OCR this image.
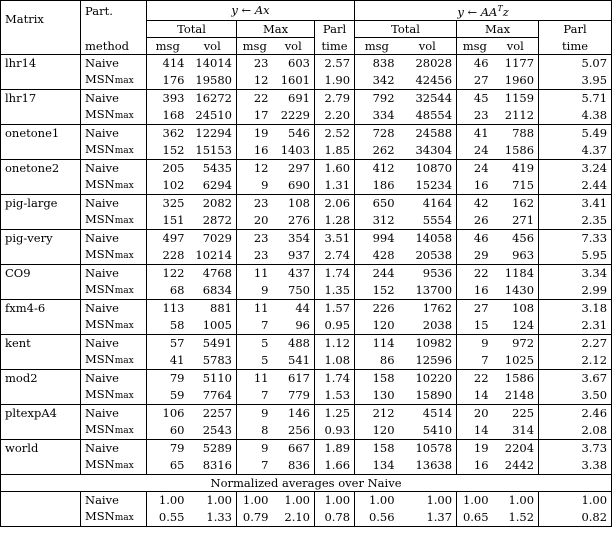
Matrix	Part.	y ← Ax					y ← $AA^Tz$				
		Total		Max		Parl	Total		Max		Parl
	method	msg	vol	msg	vol	time	msg	vol	msg	vol	time
lhr14	Naive	414	14014	23	603	2.57	838	28028	46	1177	5.07
	MSNmax	176	19580	12	1601	1.90	342	42456	27	1960	3.95
lhr17	Naive	393	16272	22	691	2.79	792	32544	45	1159	5.71
	MSNmax	168	24510	17	2229	2.20	334	48554	23	2112	4.38
onetone1	Naive	362	12294	19	546	2.52	728	24588	41	788	5.49
	MSNmax	152	15153	16	1403	1.85	262	34304	24	1586	4.37
onetone2	Naive	205	5435	12	297	1.60	412	10870	24	419	3.24
	MSNmax	102	6294	9	690	1.31	186	15234	16	715	2.44
pig-large	Naive	325	2082	23	108	2.06	650	4164	42	162	3.41
	MSNmax	151	2872	20	276	1.28	312	5554	26	271	2.35
pig-very	Naive	497	7029	23	354	3.51	994	14058	46	456	7.33
	MSNmax	228	10214	23	937	2.74	428	20538	29	963	5.95
CO9	Naive	122	4768	11	437	1.74	244	9536	22	1184	3.34
	MSNmax	68	6834	9	750	1.35	152	13700	16	1430	2.99
fxm4-6	Naive	113	881	11	44	1.57	226	1762	27	108	3.18
	MSNmax	58	1005	7	96	0.95	120	2038	15	124	2.31
kent	Naive	57	5491	5	488	1.12	114	10982	9	972	2.27
	MSNmax	41	5783	5	541	1.08	86	12596	7	1025	2.12
mod2	Naive	79	5110	11	617	1.74	158	10220	22	1586	3.67
	MSNmax	59	7764	7	779	1.53	130	15890	14	2148	3.50
pltexpA4	Naive	106	2257	9	146	1.25	212	4514	20	225	2.46
	MSNmax	60	2543	8	256	0.93	120	5410	14	314	2.08
world	Naive	79	5289	9	667	1.89	158	10578	19	2204	3.73
	MSNmax	65	8316	7	836	1.66	134	13638	16	2442	3.38
Normalized averages over Naive											
	Naive	1.00	1.00	1.00	1.00	1.00	1.00	1.00	1.00	1.00	1.00
	MSNmax	0.55	1.33	0.79	2.10	0.78	0.56	1.37	0.65	1.52	0.82
